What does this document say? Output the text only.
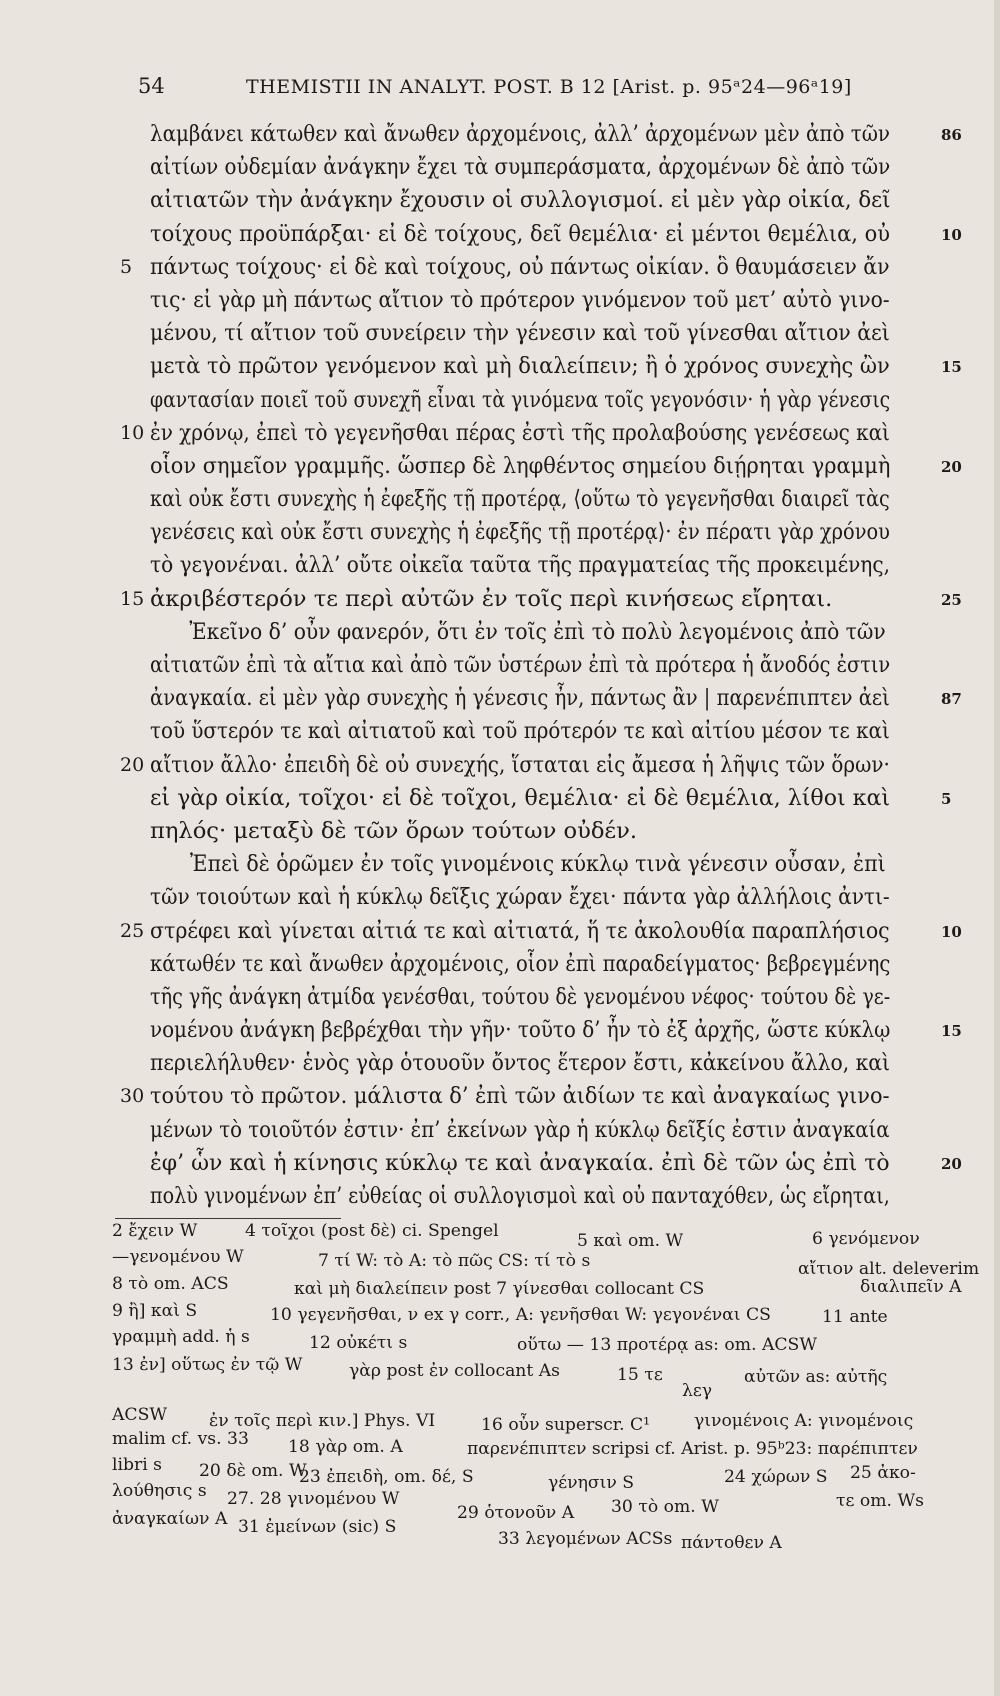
54	THEMISTII IN ANALYT. POST. B 12 [Arist. p. 95ᵃ24—96ᵃ19]
λαμβάνει κάτωθεν καὶ ἄνωθεν ἀρχομένοις, ἀλλ’ ἀρχομένων μὲν ἀπὸ τῶν	86
αἰτίων οὐδεμίαν ἀνάγκην ἔχει τὰ συμπεράσματα, ἀρχομένων δὲ ἀπὸ τῶν
αἰτιατῶν τὴν ἀνάγκην ἔχουσιν οἱ συλλογισμοί. εἰ μὲν γὰρ οἰκία, δεῖ
τοίχους προϋπάρξαι· εἰ δὲ τοίχους, δεῖ θεμέλια· εἰ μέντοι θεμέλια, οὐ	10
5 πάντως τοίχους· εἰ δὲ καὶ τοίχους, οὐ πάντως οἰκίαν. ὃ θαυμάσειεν ἄν
τις· εἰ γὰρ μὴ πάντως αἴτιον τὸ πρότερον γινόμενον τοῦ μετ’ αὐτὸ γινο-
μένου, τί αἴτιον τοῦ συνείρειν τὴν γένεσιν καὶ τοῦ γίνεσθαι αἴτιον ἀεὶ
μετὰ τὸ πρῶτον γενόμενον καὶ μὴ διαλείπειν; ἢ ὁ χρόνος συνεχὴς ὢν	15
φαντασίαν ποιεῖ τοῦ συνεχῆ εἶναι τὰ γινόμενα τοῖς γεγονόσιν· ἡ γὰρ γένεσις
10 ἐν χρόνῳ, ἐπεὶ τὸ γεγενῆσθαι πέρας ἐστὶ τῆς προλαβούσης γενέσεως καὶ
οἷον σημεῖον γραμμῆς. ὥσπερ δὲ ληφθέντος σημείου διῄρηται γραμμὴ	20
καὶ οὐκ ἔστι συνεχὴς ἡ ἐφεξῆς τῇ προτέρᾳ, ⟨οὕτω τὸ γεγενῆσθαι διαιρεῖ τὰς
γενέσεις καὶ οὐκ ἔστι συνεχὴς ἡ ἐφεξῆς τῇ προτέρᾳ⟩· ἐν πέρατι γὰρ χρόνου
τὸ γεγονέναι. ἀλλ’ οὔτε οἰκεῖα ταῦτα τῆς πραγματείας τῆς προκειμένης,
15 ἀκριβέστερόν τε περὶ αὐτῶν ἐν τοῖς περὶ κινήσεως εἴρηται.	25
Ἐκεῖνο δ’ οὖν φανερόν, ὅτι ἐν τοῖς ἐπὶ τὸ πολὺ λεγομένοις ἀπὸ τῶν
αἰτιατῶν ἐπὶ τὰ αἴτια καὶ ἀπὸ τῶν ὑστέρων ἐπὶ τὰ πρότερα ἡ ἄνοδός ἐστιν
ἀναγκαία. εἰ μὲν γὰρ συνεχὴς ἡ γένεσις ἦν, πάντως ἂν | παρενέπιπτεν ἀεὶ	87
τοῦ ὕστερόν τε καὶ αἰτιατοῦ καὶ τοῦ πρότερόν τε καὶ αἰτίου μέσον τε καὶ
20 αἴτιον ἄλλο· ἐπειδὴ δὲ οὐ συνεχής, ἵσταται εἰς ἄμεσα ἡ λῆψις τῶν ὅρων·
εἰ γὰρ οἰκία, τοῖχοι· εἰ δὲ τοῖχοι, θεμέλια· εἰ δὲ θεμέλια, λίθοι καὶ	5
πηλός· μεταξὺ δὲ τῶν ὅρων τούτων οὐδέν.
Ἐπεὶ δὲ ὁρῶμεν ἐν τοῖς γινομένοις κύκλῳ τινὰ γένεσιν οὖσαν, ἐπὶ
τῶν τοιούτων καὶ ἡ κύκλῳ δεῖξις χώραν ἔχει· πάντα γὰρ ἀλλήλοις ἀντι-
25 στρέφει καὶ γίνεται αἰτιά τε καὶ αἰτιατά, ἥ τε ἀκολουθία παραπλήσιος	10
κάτωθέν τε καὶ ἄνωθεν ἀρχομένοις, οἷον ἐπὶ παραδείγματος· βεβρεγμένης
τῆς γῆς ἀνάγκη ἀτμίδα γενέσθαι, τούτου δὲ γενομένου νέφος· τούτου δὲ γε-
νομένου ἀνάγκη βεβρέχθαι τὴν γῆν· τοῦτο δ’ ἦν τὸ ἐξ ἀρχῆς, ὥστε κύκλῳ	15
περιελήλυθεν· ἑνὸς γὰρ ὁτουοῦν ὄντος ἕτερον ἔστι, κἀκείνου ἄλλο, καὶ
30 τούτου τὸ πρῶτον. μάλιστα δ’ ἐπὶ τῶν ἀιδίων τε καὶ ἀναγκαίως γινο-
μένων τὸ τοιοῦτόν ἐστιν· ἐπ’ ἐκείνων γὰρ ἡ κύκλῳ δεῖξίς ἐστιν ἀναγκαία
ἐφ’ ὧν καὶ ἡ κίνησις κύκλῳ τε καὶ ἀναγκαία. ἐπὶ δὲ τῶν ὡς ἐπὶ τὸ	20
πολὺ γινομένων ἐπ’ εὐθείας οἱ συλλογισμοὶ καὶ οὐ πανταχόθεν, ὡς εἴρηται,
2 ἔχειν W	4 τοῖχοι (post δὲ) ci. Spengel	5 καὶ om. W	6 γενόμενον
—γενομένου W	7 τί W: τὸ A: τὸ πῶς CS: τί τὸ s	αἴτιον alt. deleverim
8 τὸ om. ACS	καὶ μὴ διαλείπειν post 7 γίνεσθαι collocant CS	διαλιπεῖν A
9 ἢ] καὶ S	10 γεγενῆσθαι, ν ex γ corr., A: γενῆσθαι W: γεγονέναι CS	11 ante
γραμμὴ add. ἡ s	12 οὐκέτι s	οὕτω — 13 προτέρᾳ as: om. ACSW
13 ἐν] οὕτως ἐν τῷ W	γὰρ post ἐν collocant As	15 τε	αὐτῶν as: αὐτῆς
λεγ
ACSW ἐν τοῖς περὶ κιν.] Phys. VI	16 οὖν superscr. C¹	γινομένοις A: γινομένοις
malim cf. vs. 33 18 γὰρ om. A	παρενέπιπτεν scripsi cf. Arist. p. 95ᵇ23: παρέπιπτεν
libri s 20 δὲ om. W
23 ἐπειδὴ, om. δέ, S	γένησιν S	24 χώρων S 25 ἀκο-
λούθησις s 27. 28 γινομένου W
29 ὁτονοῦν A 30 τὸ om. W	τε om. Ws
ἀναγκαίων A 31 ἐμείνων (sic) S
33 λεγομένων ACSs πάντοθεν A
